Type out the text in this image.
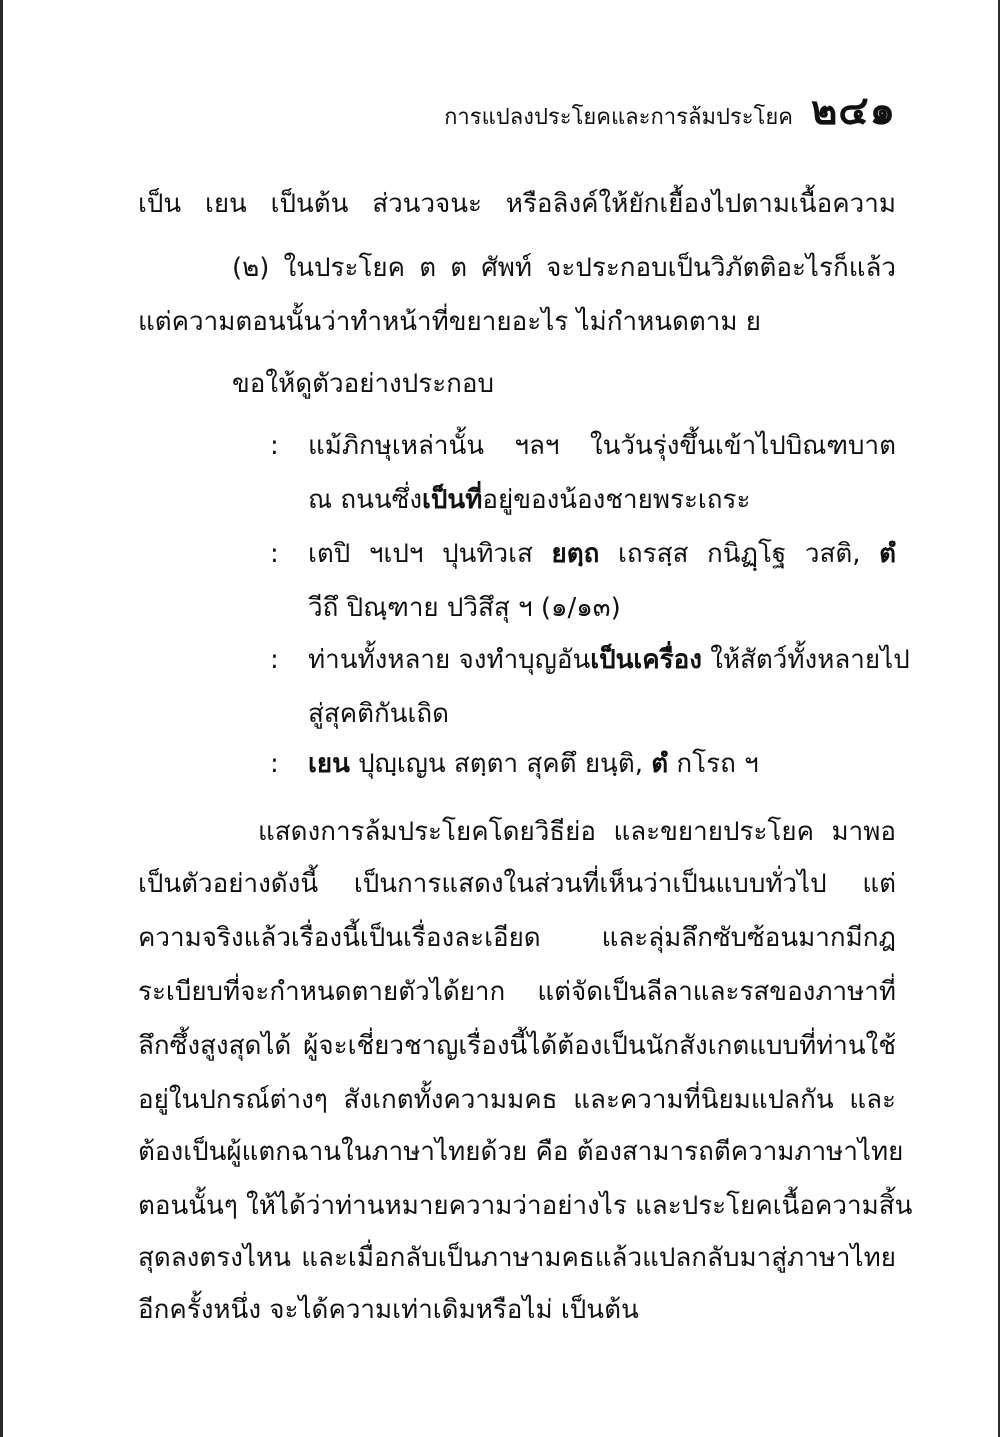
การแปลงประโยคและการล้มประโยค ๒๔๑
เป็น เยน เป็นต้น ส่วนวจนะ หรือลิงค์ให้ยักเยื้องไปตามเนื้อความ
(๒) ในประโยค ต ต ศัพท์ จะประกอบเป็นวิภัตติอะไรก็แล้ว
แต่ความตอนนั้นว่าทำหน้าที่ขยายอะไร ไม่กำหนดตาม ย
ขอให้ดูตัวอย่างประกอบ
: แม้ภิกษุเหล่านั้น ฯลฯ ในวันรุ่งขึ้นเข้าไปบิณฑบาต
ณ ถนนซึ่งเป็นที่อยู่ของน้องชายพระเถระ
: เตปิ ฯเปฯ ปุนทิวเส ยตฺถ เถรสฺส กนิฏฺโฐ วสติ, ตํ
วีถึ ปิณฺฑาย ปวิสึสุ ฯ (๑/๑๓)
: ท่านทั้งหลาย จงทำบุญอันเป็นเครื่อง ให้สัตว์ทั้งหลายไป
สู่สุคติกันเถิด
: เยน ปุญฺเญน สตฺตา สุคตึ ยนฺติ, ตํ กโรถ ฯ
แสดงการล้มประโยคโดยวิธีย่อ และขยายประโยค มาพอ
เป็นตัวอย่างดังนี้ เป็นการแสดงในส่วนที่เห็นว่าเป็นแบบทั่วไป แต่
ความจริงแล้วเรื่องนี้เป็นเรื่องละเอียด และลุ่มลึกซับซ้อนมากมีกฎ
ระเบียบที่จะกำหนดตายตัวได้ยาก แต่จัดเป็นลีลาและรสของภาษาที่
ลึกซึ้งสูงสุดได้ ผู้จะเชี่ยวชาญเรื่องนี้ได้ต้องเป็นนักสังเกตแบบที่ท่านใช้
อยู่ในปกรณ์ต่างๆ สังเกตทั้งความมคธ และความที่นิยมแปลกัน และ
ต้องเป็นผู้แตกฉานในภาษาไทยด้วย คือ ต้องสามารถตีความภาษาไทย
ตอนนั้นๆ ให้ได้ว่าท่านหมายความว่าอย่างไร และประโยคเนื้อความสิ้น
สุดลงตรงไหน และเมื่อกลับเป็นภาษามคธแล้วแปลกลับมาสู่ภาษาไทย
อีกครั้งหนึ่ง จะได้ความเท่าเดิมหรือไม่ เป็นต้น
